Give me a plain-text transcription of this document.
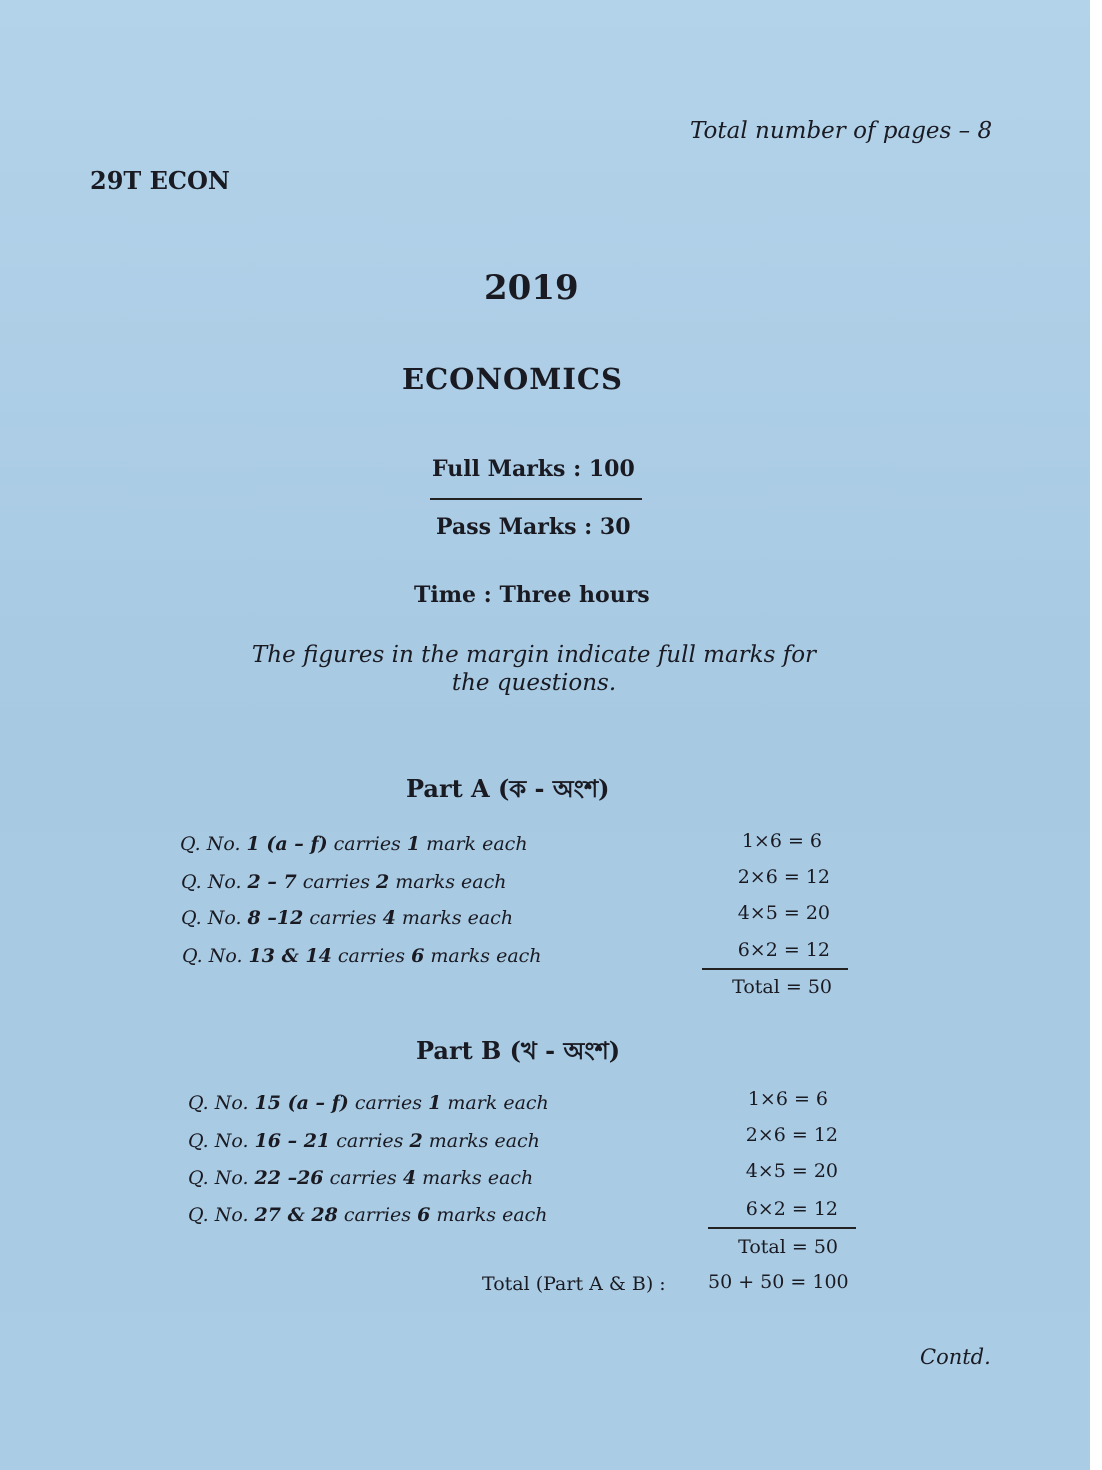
Total number of pages – 8
29T ECON
2019
ECONOMICS
Full Marks : 100
Pass Marks : 30
Time : Three hours
The figures in the margin indicate full marks for the questions.
Part A (ক - অংশ)
Q. No. 1 (a – f) carries 1 mark each	1×6 = 6
Q. No. 2 – 7 carries 2 marks each	2×6 = 12
Q. No. 8 –12 carries 4 marks each	4×5 = 20
Q. No. 13 & 14 carries 6 marks each	6×2 = 12
Total = 50
Part B (খ - অংশ)
Q. No. 15 (a – f) carries 1 mark each	1×6 = 6
Q. No. 16 – 21 carries 2 marks each	2×6 = 12
Q. No. 22 –26 carries 4 marks each	4×5 = 20
Q. No. 27 & 28 carries 6 marks each	6×2 = 12
Total = 50
Total (Part A & B) : 50 + 50 = 100
Contd.
